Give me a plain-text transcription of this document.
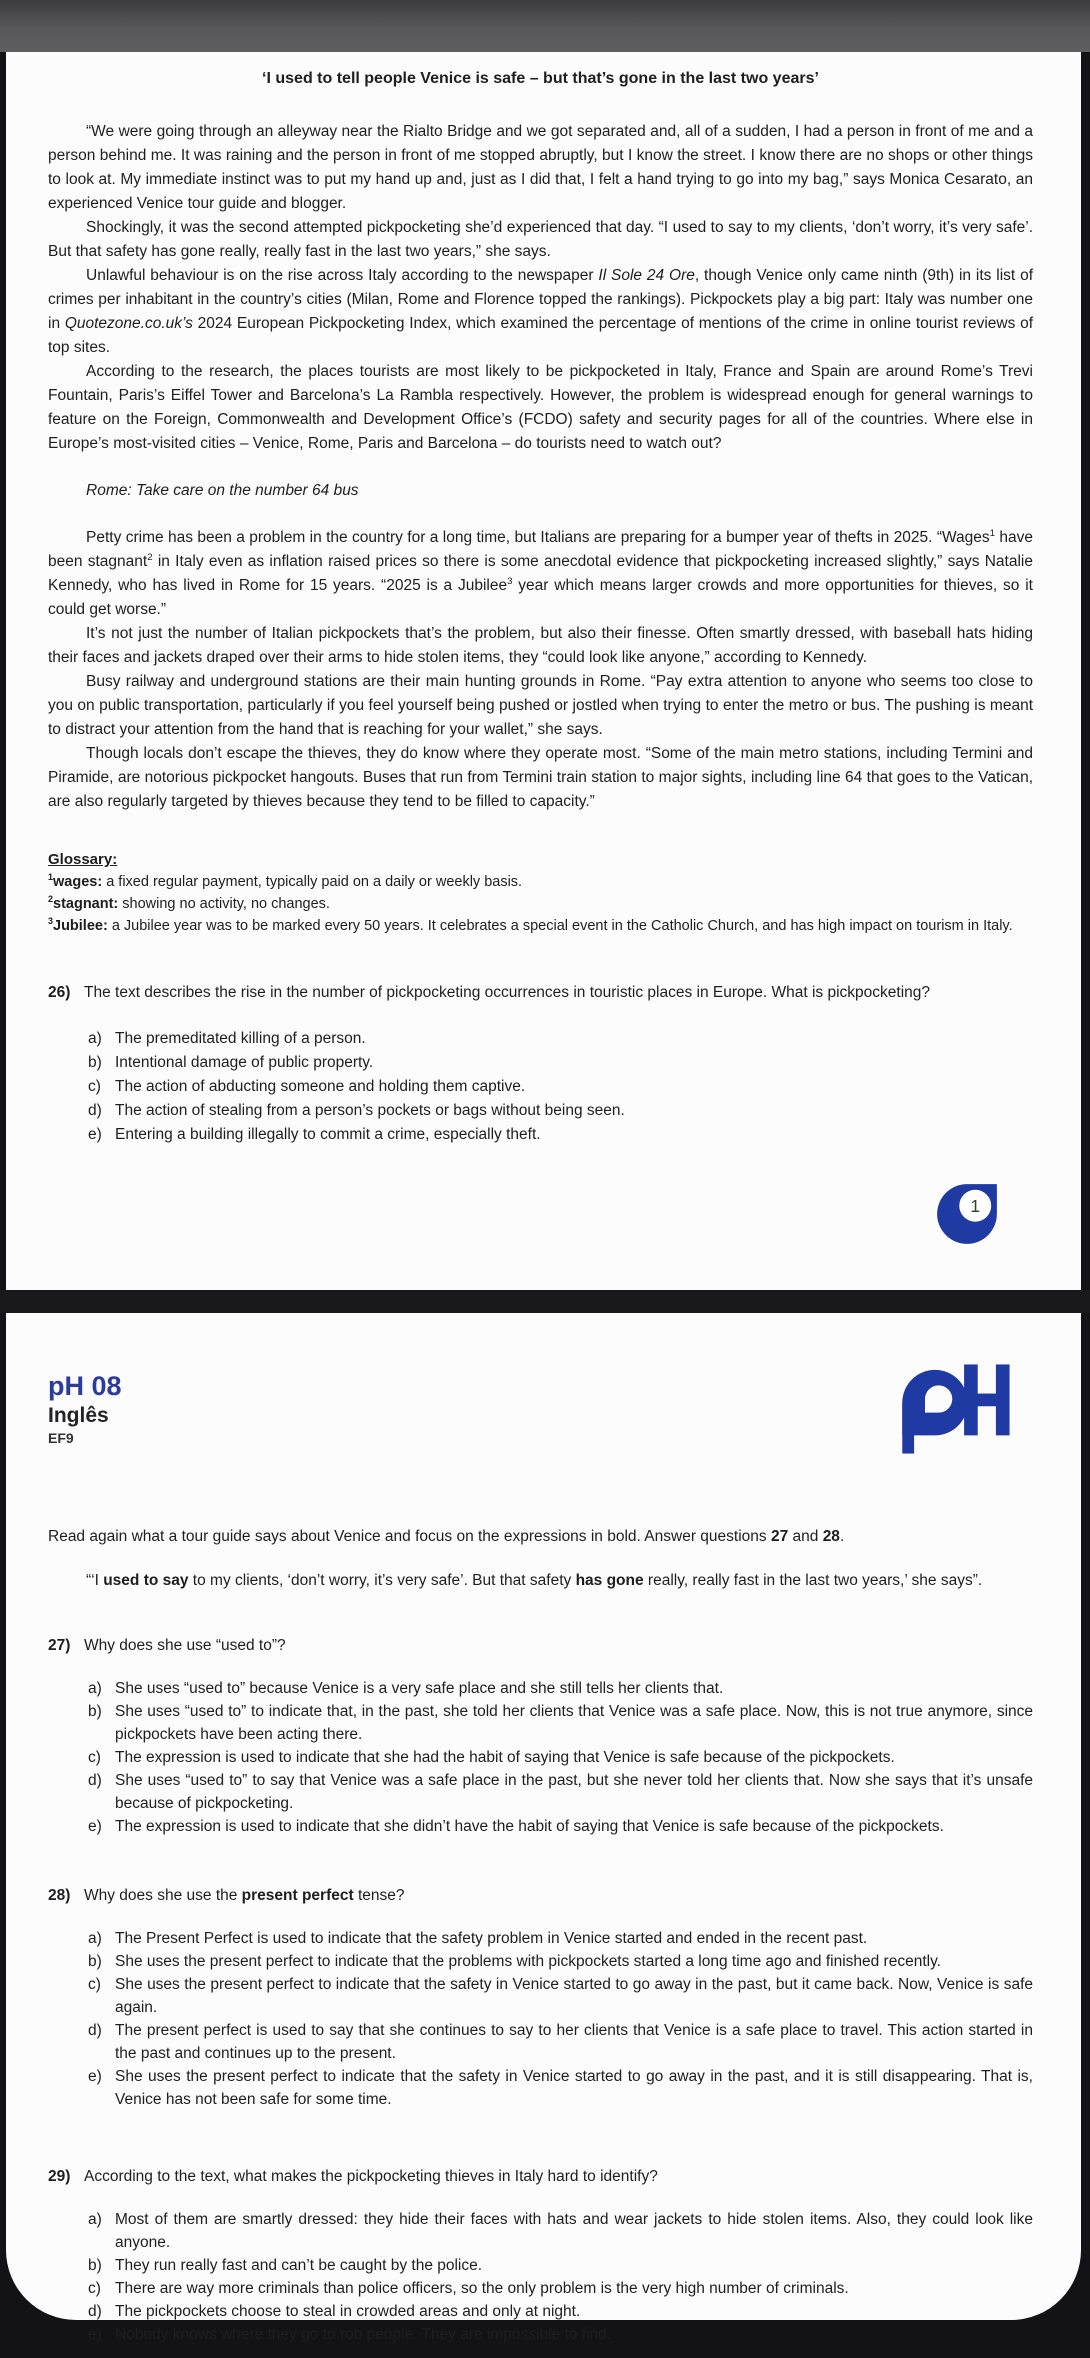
‘I used to tell people Venice is safe – but that’s gone in the last two years’

“We were going through an alleyway near the Rialto Bridge and we got separated and, all of a sudden, I had a person in front of me and a person behind me. It was raining and the person in front of me stopped abruptly, but I know the street. I know there are no shops or other things to look at. My immediate instinct was to put my hand up and, just as I did that, I felt a hand trying to go into my bag,” says Monica Cesarato, an experienced Venice tour guide and blogger.

Shockingly, it was the second attempted pickpocketing she’d experienced that day. “I used to say to my clients, ‘don’t worry, it’s very safe’. But that safety has gone really, really fast in the last two years,” she says.

Unlawful behaviour is on the rise across Italy according to the newspaper Il Sole 24 Ore, though Venice only came ninth (9th) in its list of crimes per inhabitant in the country’s cities (Milan, Rome and Florence topped the rankings). Pickpockets play a big part: Italy was number one in Quotezone.co.uk’s 2024 European Pickpocketing Index, which examined the percentage of mentions of the crime in online tourist reviews of top sites.

According to the research, the places tourists are most likely to be pickpocketed in Italy, France and Spain are around Rome’s Trevi Fountain, Paris’s Eiffel Tower and Barcelona’s La Rambla respectively. However, the problem is widespread enough for general warnings to feature on the Foreign, Commonwealth and Development Office’s (FCDO) safety and security pages for all of the countries. Where else in Europe’s most-visited cities – Venice, Rome, Paris and Barcelona – do tourists need to watch out?

Rome: Take care on the number 64 bus

Petty crime has been a problem in the country for a long time, but Italians are preparing for a bumper year of thefts in 2025. “Wages$^1$ have been stagnant$^2$ in Italy even as inflation raised prices so there is some anecdotal evidence that pickpocketing increased slightly,” says Natalie Kennedy, who has lived in Rome for 15 years. “2025 is a Jubilee$^3$ year which means larger crowds and more opportunities for thieves, so it could get worse.”

It’s not just the number of Italian pickpockets that’s the problem, but also their finesse. Often smartly dressed, with baseball hats hiding their faces and jackets draped over their arms to hide stolen items, they “could look like anyone,” according to Kennedy.

Busy railway and underground stations are their main hunting grounds in Rome. “Pay extra attention to anyone who seems too close to you on public transportation, particularly if you feel yourself being pushed or jostled when trying to enter the metro or bus. The pushing is meant to distract your attention from the hand that is reaching for your wallet,” she says.

Though locals don’t escape the thieves, they do know where they operate most. “Some of the main metro stations, including Termini and Piramide, are notorious pickpocket hangouts. Buses that run from Termini train station to major sights, including line 64 that goes to the Vatican, are also regularly targeted by thieves because they tend to be filled to capacity.”

Glossary:

$^1$wages: a fixed regular payment, typically paid on a daily or weekly basis.

$^2$stagnant: showing no activity, no changes.

$^3$Jubilee: a Jubilee year was to be marked every 50 years. It celebrates a special event in the Catholic Church, and has high impact on tourism in Italy.

26) The text describes the rise in the number of pickpocketing occurrences in touristic places in Europe. What is pickpocketing?
a) The premeditated killing of a person.
b) Intentional damage of public property.
c) The action of abducting someone and holding them captive.
d) The action of stealing from a person’s pockets or bags without being seen.
e) Entering a building illegally to commit a crime, especially theft.
1
pH 08
Inglês
EF9

Read again what a tour guide says about Venice and focus on the expressions in bold. Answer questions 27 and 28.

“‘I used to say to my clients, ‘don’t worry, it’s very safe’. But that safety has gone really, really fast in the last two years,’ she says”.

27) Why does she use “used to”?
a) She uses “used to” because Venice is a very safe place and she still tells her clients that.
b) She uses “used to” to indicate that, in the past, she told her clients that Venice was a safe place. Now, this is not true anymore, since pickpockets have been acting there.
c) The expression is used to indicate that she had the habit of saying that Venice is safe because of the pickpockets.
d) She uses “used to” to say that Venice was a safe place in the past, but she never told her clients that. Now she says that it’s unsafe because of pickpocketing.
e) The expression is used to indicate that she didn’t have the habit of saying that Venice is safe because of the pickpockets.
28) Why does she use the present perfect tense?
a) The Present Perfect is used to indicate that the safety problem in Venice started and ended in the recent past.
b) She uses the present perfect to indicate that the problems with pickpockets started a long time ago and finished recently.
c) She uses the present perfect to indicate that the safety in Venice started to go away in the past, but it came back. Now, Venice is safe again.
d) The present perfect is used to say that she continues to say to her clients that Venice is a safe place to travel. This action started in the past and continues up to the present.
e) She uses the present perfect to indicate that the safety in Venice started to go away in the past, and it is still disappearing. That is, Venice has not been safe for some time.
29) According to the text, what makes the pickpocketing thieves in Italy hard to identify?
a) Most of them are smartly dressed: they hide their faces with hats and wear jackets to hide stolen items. Also, they could look like anyone.
b) They run really fast and can’t be caught by the police.
c) There are way more criminals than police officers, so the only problem is the very high number of criminals.
d) The pickpockets choose to steal in crowded areas and only at night.
e) Nobody knows where they go to rob people. They are impossible to find.
